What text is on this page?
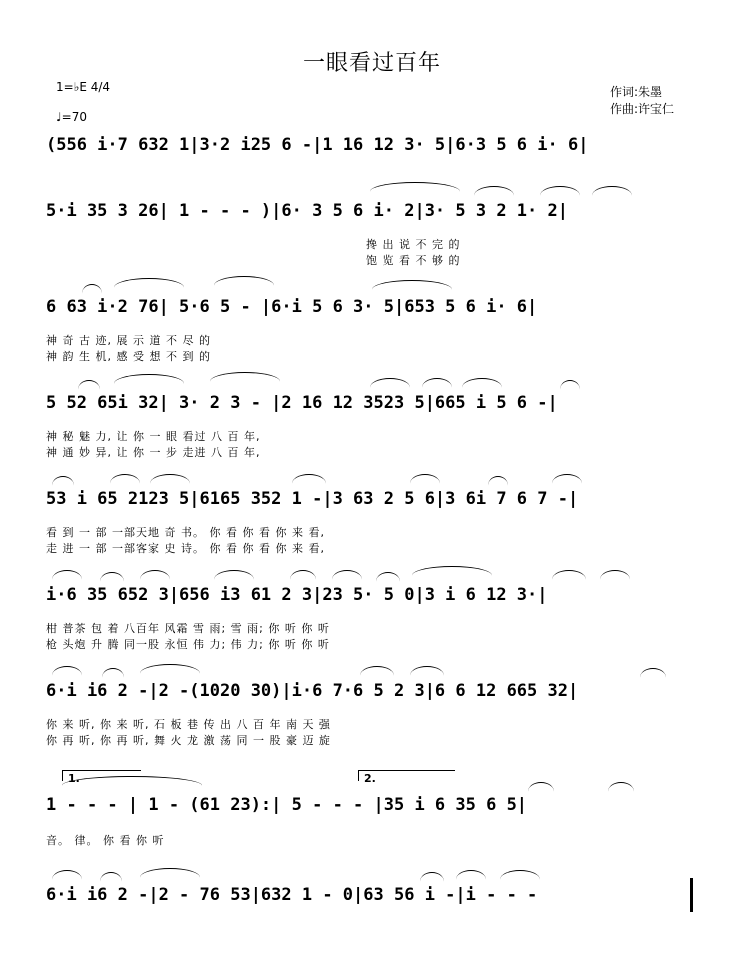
一眼看过百年
1=♭E 4/4
♩=70
作词:朱墨
作曲:许宝仁
(556 i·7 632 1|3·2 i25 6 -|1 16 12 3· 5|6·3 5 6 i· 6|
5·i 35 3 26| 1 - - - )|6· 3 5 6 i· 2|3· 5 3 2 1· 2|
搀 出 说 不 完 的
饱 览 看 不 够 的
6 63 i·2 76| 5·6 5 - |6·i 5 6 3· 5|653 5 6 i· 6|
神 奇 古 迹, 展 示 道 不 尽 的
神 韵 生 机, 感 受 想 不 到 的
5 52 65i 32| 3· 2 3 - |2 16 12 3523 5|665 i 5 6 -|
神 秘 魅 力, 让 你 一 眼 看过 八 百 年,
神 通 妙 异, 让 你 一 步 走进 八 百 年,
53 i 65 2123 5|6165 352 1 -|3 63 2 5 6|3 6i 7 6 7 -|
看 到 一 部 一部天地 奇 书。 你 看 你 看 你 来 看,
走 进 一 部 一部客家 史 诗。 你 看 你 看 你 来 看,
i·6 35 652 3|656 i3 61 2 3|23 5· 5 0|3 i 6 12 3·|
柑 普茶 包 着 八百年 风霜 雪 雨; 雪 雨; 你 听 你 听
枪 头炮 升 腾 同一股 永恒 伟 力; 伟 力; 你 听 你 听
6·i i6 2 -|2 -(1020 30)|i·6 7·6 5 2 3|6 6 12 665 32|
你 来 听, 你 来 听, 石 板 巷 传 出 八 百 年 南 天 强
你 再 听, 你 再 听, 舞 火 龙 激 荡 同 一 股 豪 迈 旋
1.	2.
1 - - - | 1 - (61 23):| 5 - - - |35 i 6 35 6 5|
音。 律。 你 看 你 听
6·i i6 2 -|2 - 76 53|632 1 - 0|63 56 i -|i - - -
